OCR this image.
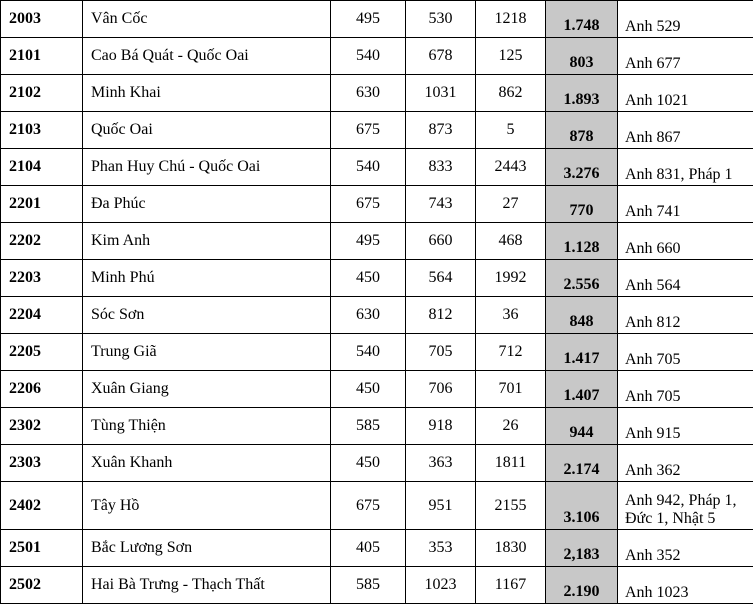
2003	Vân Cốc	495	530	1218	1.748	Anh 529
2101	Cao Bá Quát - Quốc Oai	540	678	125	803	Anh 677
2102	Minh Khai	630	1031	862	1.893	Anh 1021
2103	Quốc Oai	675	873	5	878	Anh 867
2104	Phan Huy Chú - Quốc Oai	540	833	2443	3.276	Anh 831, Pháp 1
2201	Đa Phúc	675	743	27	770	Anh 741
2202	Kim Anh	495	660	468	1.128	Anh 660
2203	Minh Phú	450	564	1992	2.556	Anh 564
2204	Sóc Sơn	630	812	36	848	Anh 812
2205	Trung Giã	540	705	712	1.417	Anh 705
2206	Xuân Giang	450	706	701	1.407	Anh 705
2302	Tùng Thiện	585	918	26	944	Anh 915
2303	Xuân Khanh	450	363	1811	2.174	Anh 362
2402	Tây Hồ	675	951	2155	3.106	Anh 942, Pháp 1, Đức 1, Nhật 5
2501	Bắc Lương Sơn	405	353	1830	2,183	Anh 352
2502	Hai Bà Trưng - Thạch Thất	585	1023	1167	2.190	Anh 1023
